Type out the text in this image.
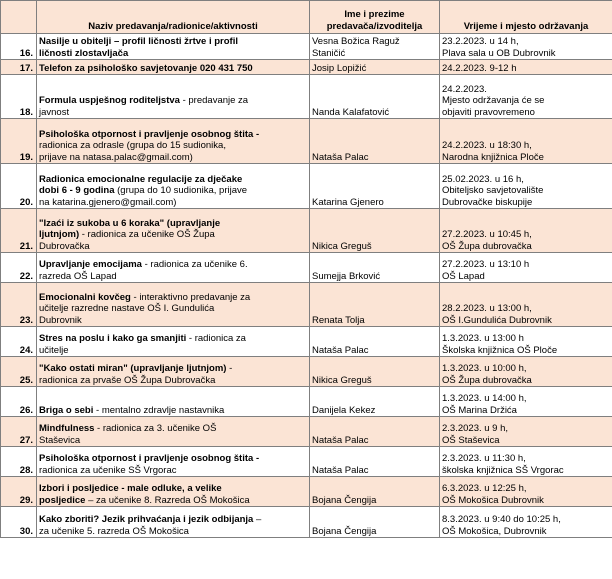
	Naziv predavanja/radionice/aktivnosti	Ime i prezime
predavača/izvoditelja	Vrijeme i mjesto održavanja
16.	Nasilje u obitelji – profil ličnosti žrtve i profil
ličnosti zlostavljača	Vesna Božica Raguž
Staničić	23.2.2023. u 14 h,
Plava sala u OB Dubrovnik
17.	Telefon za psihološko savjetovanje 020 431 750	Josip Lopižić	24.2.2023. 9-12 h
18.	Formula uspješnog roditeljstva - predavanje za
javnost	Nanda Kalafatović	24.2.2023.
Mjesto održavanja će se
objaviti pravovremeno
19.	Psihološka otpornost i pravljenje osobnog štita -
radionica za odrasle (grupa do 15 sudionika,
prijave na natasa.palac@gmail.com)	Nataša Palac	24.2.2023. u 18:30 h,
Narodna knjižnica Ploče
20.	Radionica emocionalne regulacije za dječake
dobi 6 - 9 godina (grupa do 10 sudionika, prijave
na katarina.gjenero@gmail.com)	Katarina Gjenero	25.02.2023. u 16 h,
Obiteljsko savjetovalište
Dubrovačke biskupije
21.	"Izaći iz sukoba u 6 koraka" (upravljanje
ljutnjom) - radionica za učenike OŠ Župa
Dubrovačka	Nikica Greguš	27.2.2023. u 10:45 h,
OŠ Župa dubrovačka
22.	Upravljanje emocijama - radionica za učenike 6.
razreda OŠ Lapad	Sumejja Brković	27.2.2023. u 13:10 h
OŠ Lapad
23.	Emocionalni kovčeg - interaktivno predavanje za
učitelje razredne nastave OŠ I. Gundulića
Dubrovnik	Renata Tolja	28.2.2023. u 13:00 h,
OŠ I.Gundulića Dubrovnik
24.	Stres na poslu i kako ga smanjiti - radionica za
učitelje	Nataša Palac	1.3.2023. u 13:00 h
Školska knjižnica OŠ Ploče
25.	"Kako ostati miran" (upravljanje ljutnjom) -
radionica za prvaše OŠ Župa Dubrovačka	Nikica Greguš	1.3.2023. u 10:00 h,
OŠ Župa dubrovačka
26.	Briga o sebi - mentalno zdravlje nastavnika	Danijela Kekez	1.3.2023. u 14:00 h,
OŠ Marina Držića
27.	Mindfulness - radionica za 3. učenike OŠ
Staševica	Nataša Palac	2.3.2023. u 9 h,
OŠ Staševica
28.	Psihološka otpornost i pravljenje osobnog štita -
radionica za učenike SŠ Vrgorac	Nataša Palac	2.3.2023. u 11:30 h,
školska knjižnica SŠ Vrgorac
29.	Izbori i posljedice - male odluke, a velike
posljedice – za učenike 8. Razreda OŠ Mokošica	Bojana Čengija	6.3.2023. u 12:25 h,
OŠ Mokošica Dubrovnik
30.	Kako zboriti? Jezik prihvaćanja i jezik odbijanja –
za učenike 5. razreda OŠ Mokošica	Bojana Čengija	8.3.2023. u 9:40 do 10:25 h,
OŠ Mokošica, Dubrovnik
